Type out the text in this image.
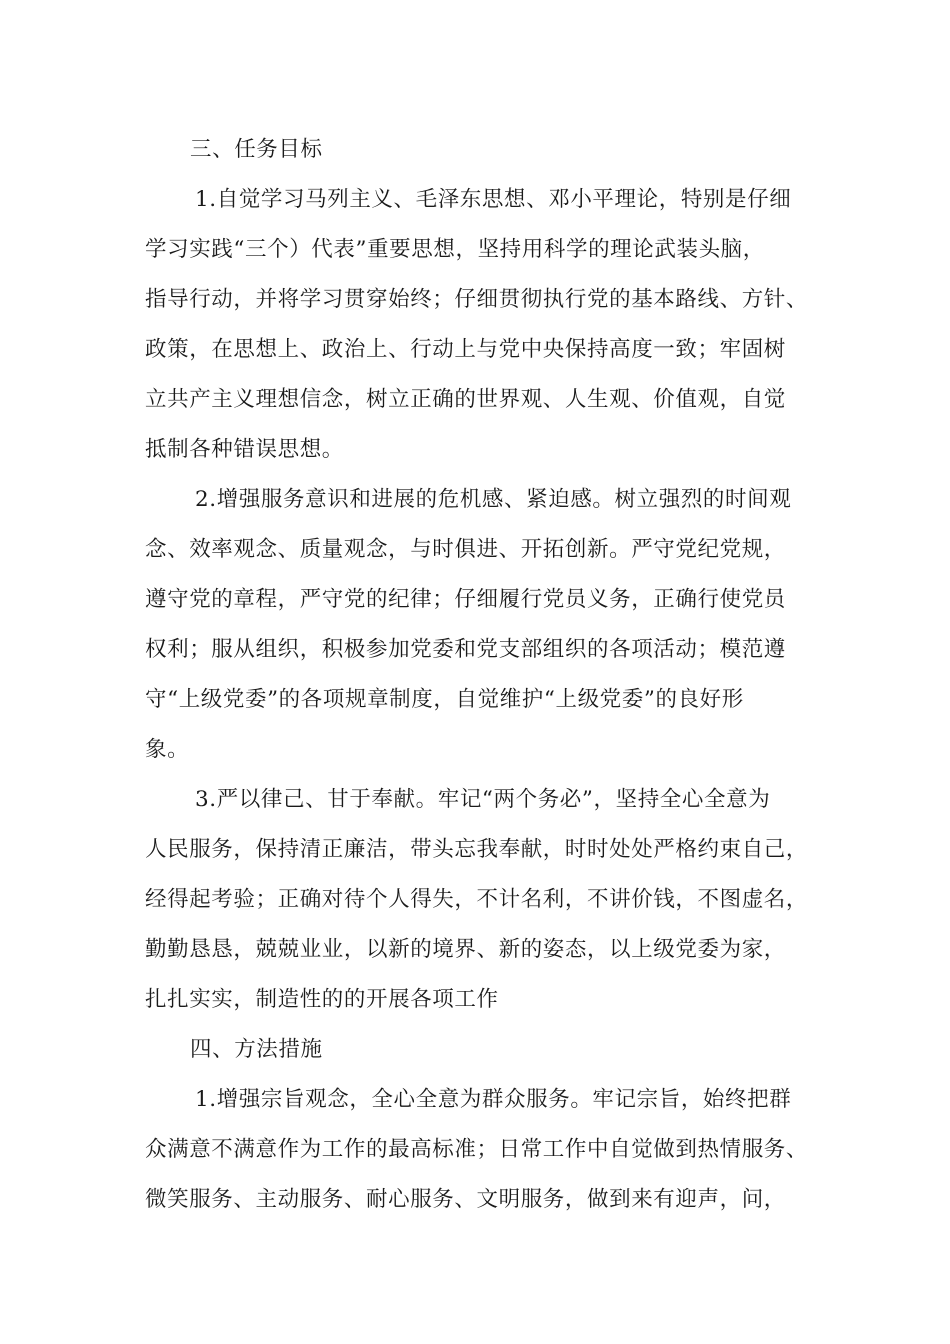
三、任务目标
1.自觉学习马列主义、毛泽东思想、邓小平理论，特别是仔细
学习实践“三个）代表”重要思想，坚持用科学的理论武装头脑，
指导行动，并将学习贯穿始终；仔细贯彻执行党的基本路线、方针、
政策，在思想上、政治上、行动上与党中央保持高度一致；牢固树
立共产主义理想信念，树立正确的世界观、人生观、价值观，自觉
抵制各种错误思想。
2.增强服务意识和进展的危机感、紧迫感。树立强烈的时间观
念、效率观念、质量观念，与时俱进、开拓创新。严守党纪党规，
遵守党的章程，严守党的纪律；仔细履行党员义务，正确行使党员
权利；服从组织，积极参加党委和党支部组织的各项活动；模范遵
守“上级党委”的各项规章制度，自觉维护“上级党委”的良好形
象。
3.严以律己、甘于奉献。牢记“两个务必”，坚持全心全意为
人民服务，保持清正廉洁，带头忘我奉献，时时处处严格约束自己，
经得起考验；正确对待个人得失，不计名利，不讲价钱，不图虚名，
勤勤恳恳，兢兢业业，以新的境界、新的姿态，以上级党委为家，
扎扎实实，制造性的的开展各项工作
四、方法措施
1.增强宗旨观念，全心全意为群众服务。牢记宗旨，始终把群
众满意不满意作为工作的最高标准；日常工作中自觉做到热情服务、
微笑服务、主动服务、耐心服务、文明服务，做到来有迎声，问，
